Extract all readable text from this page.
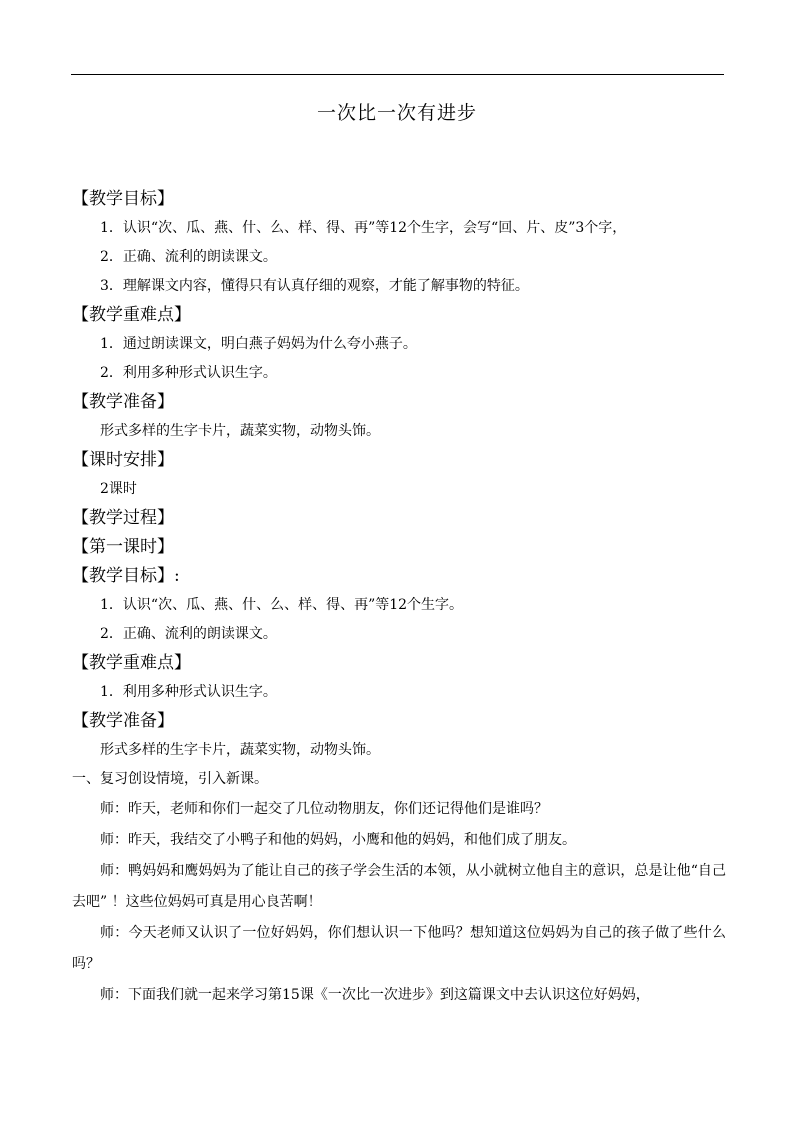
一次比一次有进步
【教学目标】
1．认识“次、瓜、燕、什、么、样、得、再”等12个生字，会写“回、片、皮”3个字，
2．正确、流利的朗读课文。
3．理解课文内容，懂得只有认真仔细的观察，才能了解事物的特征。
【教学重难点】
1．通过朗读课文，明白燕子妈妈为什么夸小燕子。
2．利用多种形式认识生字。
【教学准备】
形式多样的生字卡片，蔬菜实物，动物头饰。
【课时安排】
2课时
【教学过程】
【第一课时】
【教学目标】:
1．认识“次、瓜、燕、什、么、样、得、再”等12个生字。
2．正确、流利的朗读课文。
【教学重难点】
1．利用多种形式认识生字。
【教学准备】
形式多样的生字卡片，蔬菜实物，动物头饰。
一、复习创设情境，引入新课。
师：昨天，老师和你们一起交了几位动物朋友，你们还记得他们是谁吗？
师：昨天，我结交了小鸭子和他的妈妈，小鹰和他的妈妈，和他们成了朋友。
师：鸭妈妈和鹰妈妈为了能让自己的孩子学会生活的本领，从小就树立他自主的意识，总是让他“自己去吧” ！这些位妈妈可真是用心良苦啊！
师：今天老师又认识了一位好妈妈，你们想认识一下他吗？想知道这位妈妈为自己的孩子做了些什么吗？
师：下面我们就一起来学习第15课《一次比一次进步》到这篇课文中去认识这位好妈妈，
